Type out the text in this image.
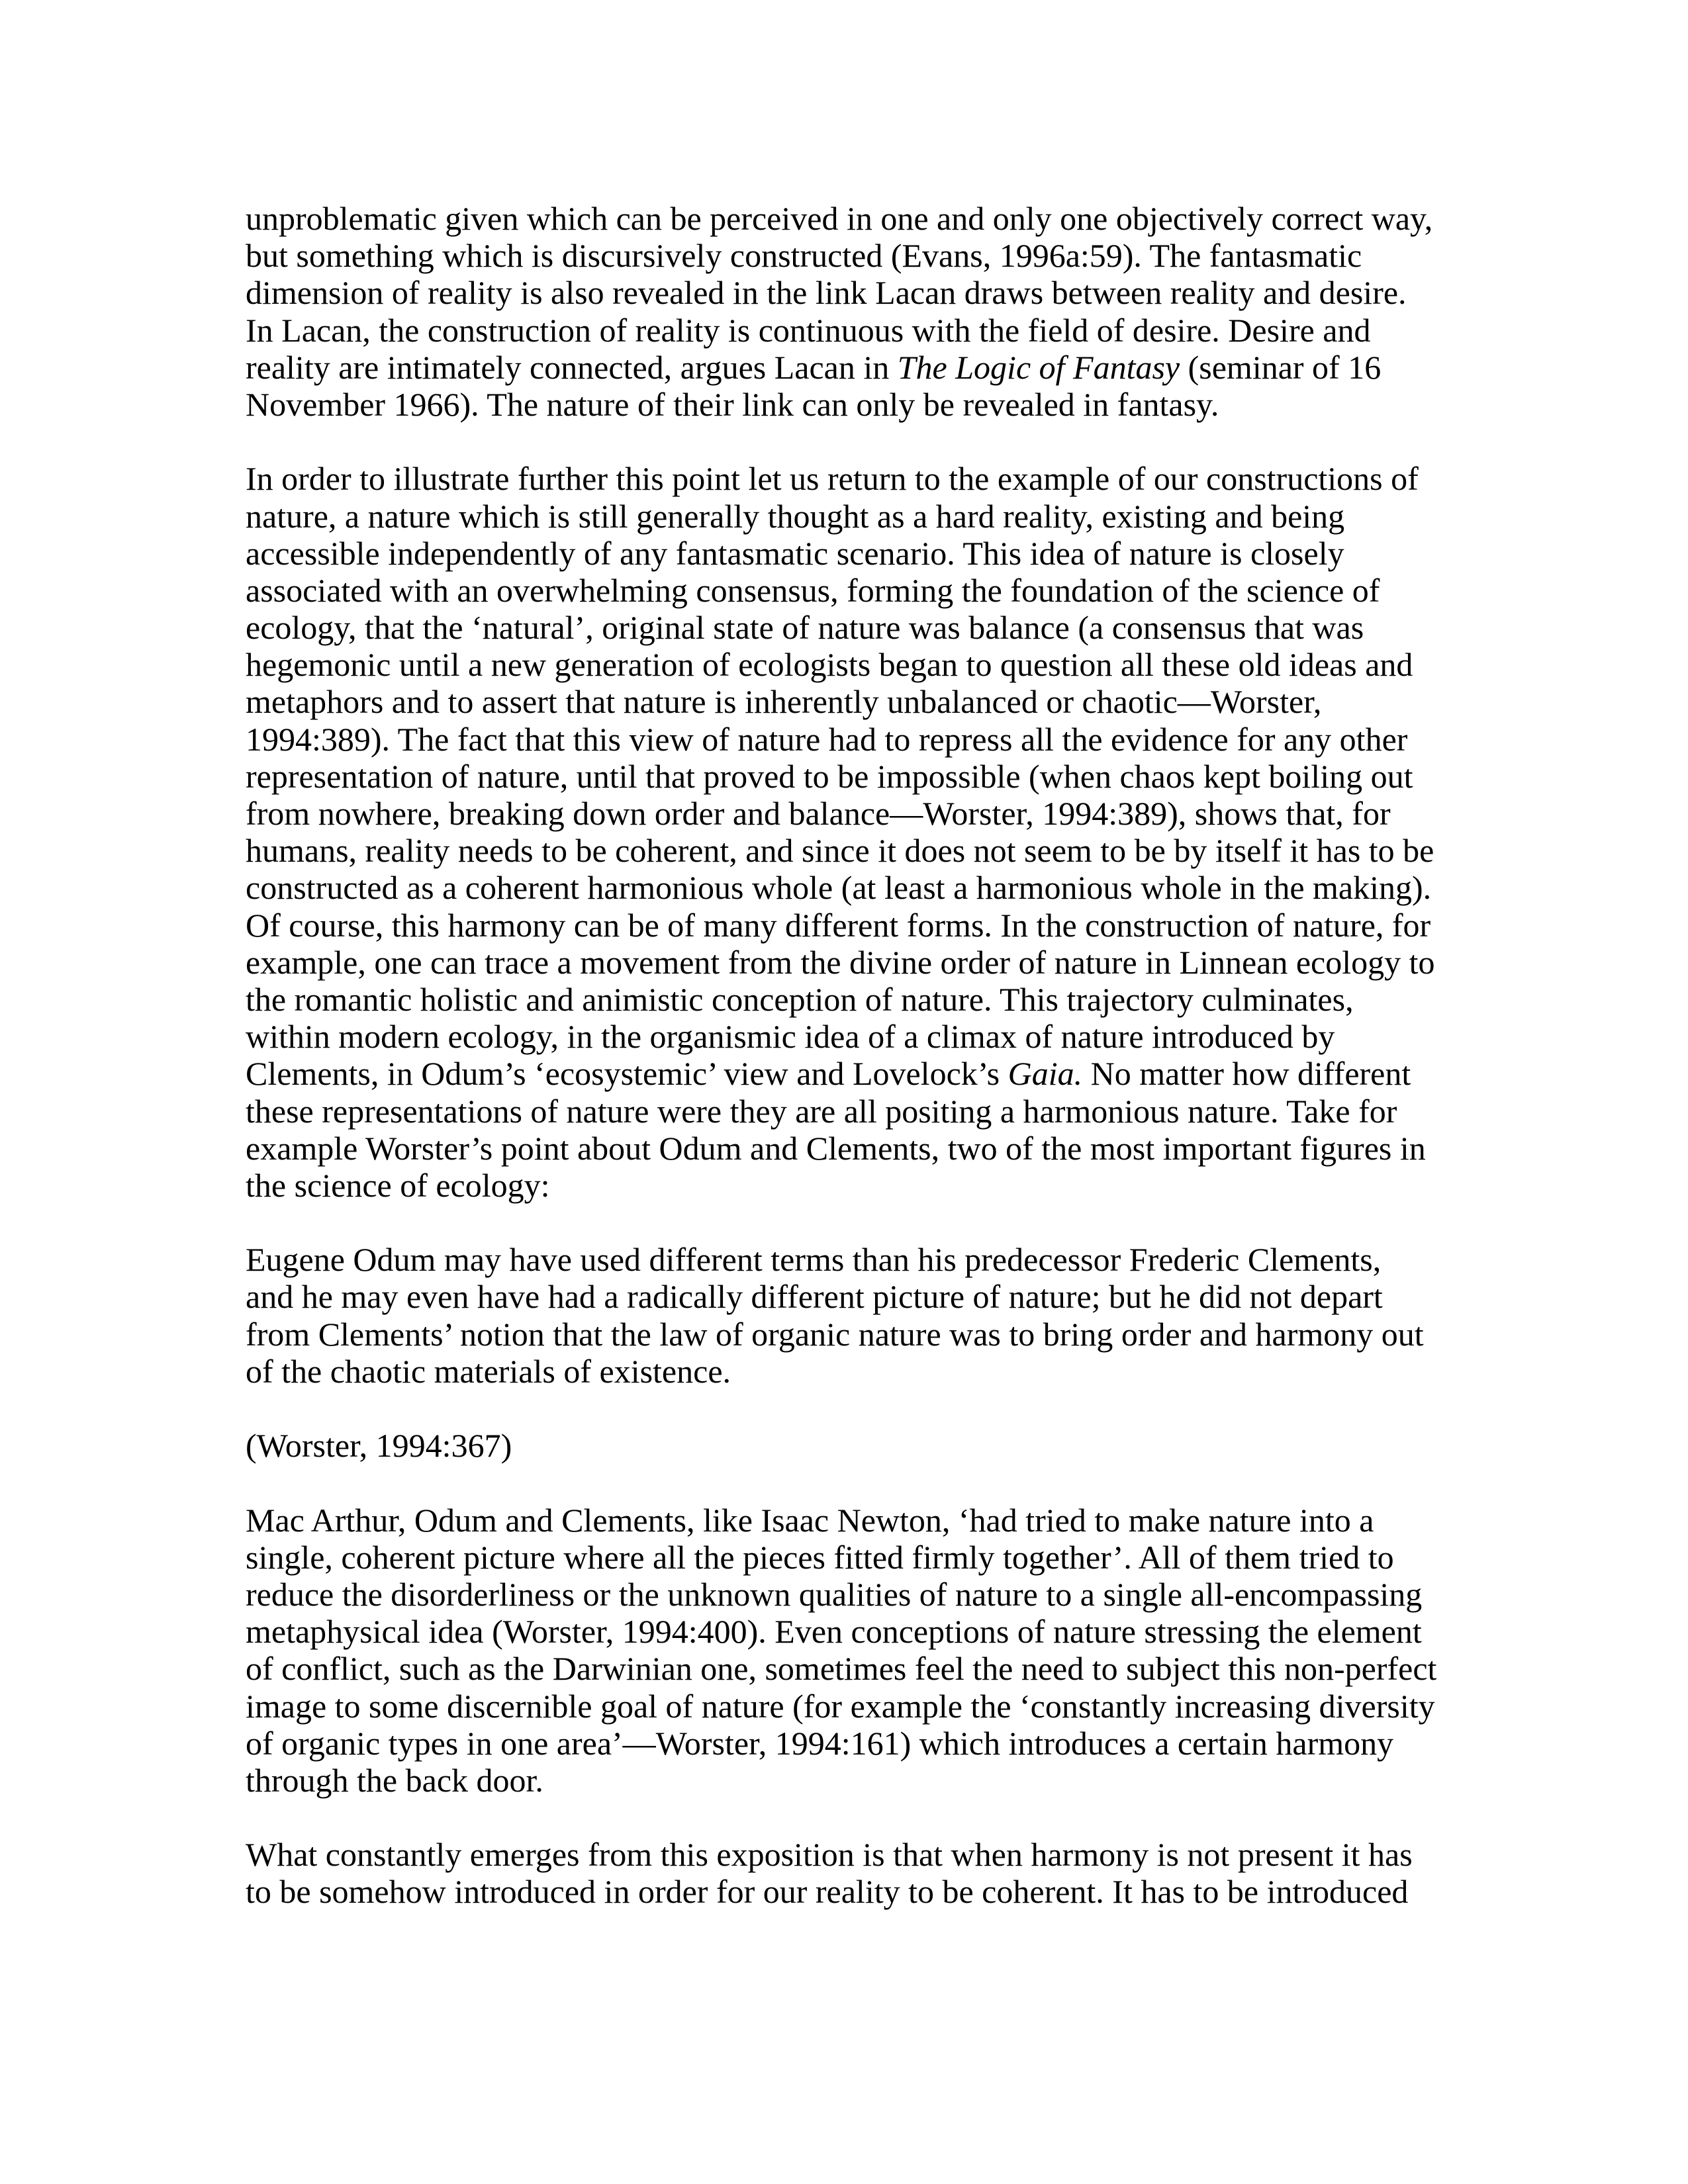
unproblematic given which can be perceived in one and only one objectively correct way,
but something which is discursively constructed (Evans, 1996a:59). The fantasmatic
dimension of reality is also revealed in the link Lacan draws between reality and desire.
In Lacan, the construction of reality is continuous with the field of desire. Desire and
reality are intimately connected, argues Lacan in The Logic of Fantasy (seminar of 16
November 1966). The nature of their link can only be revealed in fantasy.
In order to illustrate further this point let us return to the example of our constructions of
nature, a nature which is still generally thought as a hard reality, existing and being
accessible independently of any fantasmatic scenario. This idea of nature is closely
associated with an overwhelming consensus, forming the foundation of the science of
ecology, that the ‘natural’, original state of nature was balance (a consensus that was
hegemonic until a new generation of ecologists began to question all these old ideas and
metaphors and to assert that nature is inherently unbalanced or chaotic—Worster,
1994:389). The fact that this view of nature had to repress all the evidence for any other
representation of nature, until that proved to be impossible (when chaos kept boiling out
from nowhere, breaking down order and balance—Worster, 1994:389), shows that, for
humans, reality needs to be coherent, and since it does not seem to be by itself it has to be
constructed as a coherent harmonious whole (at least a harmonious whole in the making).
Of course, this harmony can be of many different forms. In the construction of nature, for
example, one can trace a movement from the divine order of nature in Linnean ecology to
the romantic holistic and animistic conception of nature. This trajectory culminates,
within modern ecology, in the organismic idea of a climax of nature introduced by
Clements, in Odum’s ‘ecosystemic’ view and Lovelock’s Gaia. No matter how different
these representations of nature were they are all positing a harmonious nature. Take for
example Worster’s point about Odum and Clements, two of the most important figures in
the science of ecology:
Eugene Odum may have used different terms than his predecessor Frederic Clements,
and he may even have had a radically different picture of nature; but he did not depart
from Clements’ notion that the law of organic nature was to bring order and harmony out
of the chaotic materials of existence.
(Worster, 1994:367)
Mac Arthur, Odum and Clements, like Isaac Newton, ‘had tried to make nature into a
single, coherent picture where all the pieces fitted firmly together’. All of them tried to
reduce the disorderliness or the unknown qualities of nature to a single all-encompassing
metaphysical idea (Worster, 1994:400). Even conceptions of nature stressing the element
of conflict, such as the Darwinian one, sometimes feel the need to subject this non-perfect
image to some discernible goal of nature (for example the ‘constantly increasing diversity
of organic types in one area’—Worster, 1994:161) which introduces a certain harmony
through the back door.
What constantly emerges from this exposition is that when harmony is not present it has
to be somehow introduced in order for our reality to be coherent. It has to be introduced
